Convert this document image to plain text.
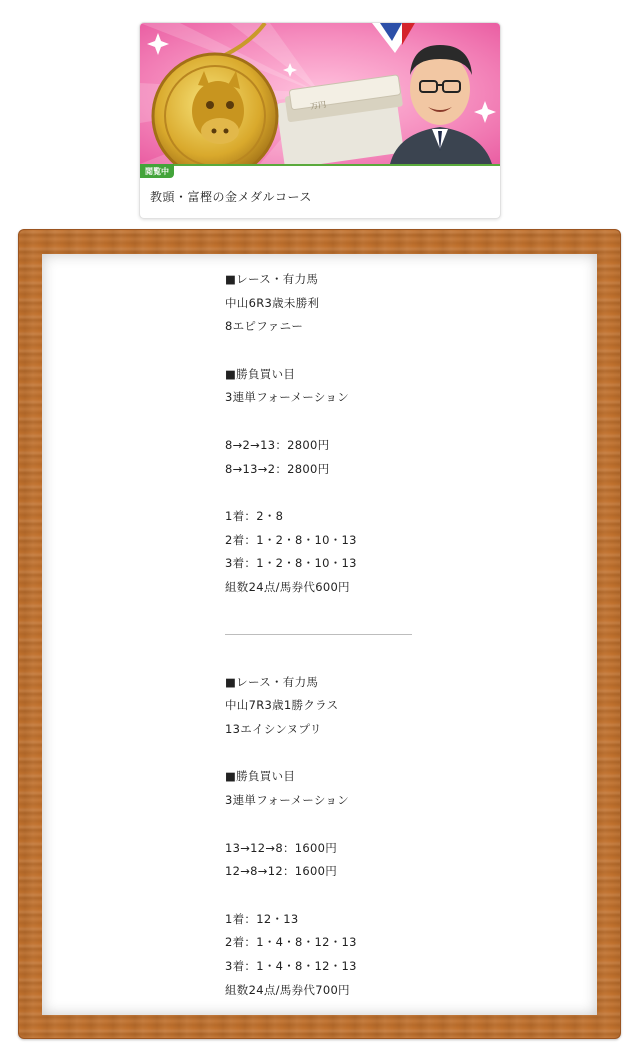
万円
閲覧中
教頭・富樫の金メダルコース
■レース・有力馬
中山6R3歳未勝利
8エピファニー
■勝負買い目
3連単フォーメーション
8→2→13：2800円
8→13→2：2800円
1着：2・8
2着：1・2・8・10・13
3着：1・2・8・10・13
組数24点/馬券代600円
■レース・有力馬
中山7R3歳1勝クラス
13エイシンヌプリ
■勝負買い目
3連単フォーメーション
13→12→8：1600円
12→8→12：1600円
1着：12・13
2着：1・4・8・12・13
3着：1・4・8・12・13
組数24点/馬券代700円
